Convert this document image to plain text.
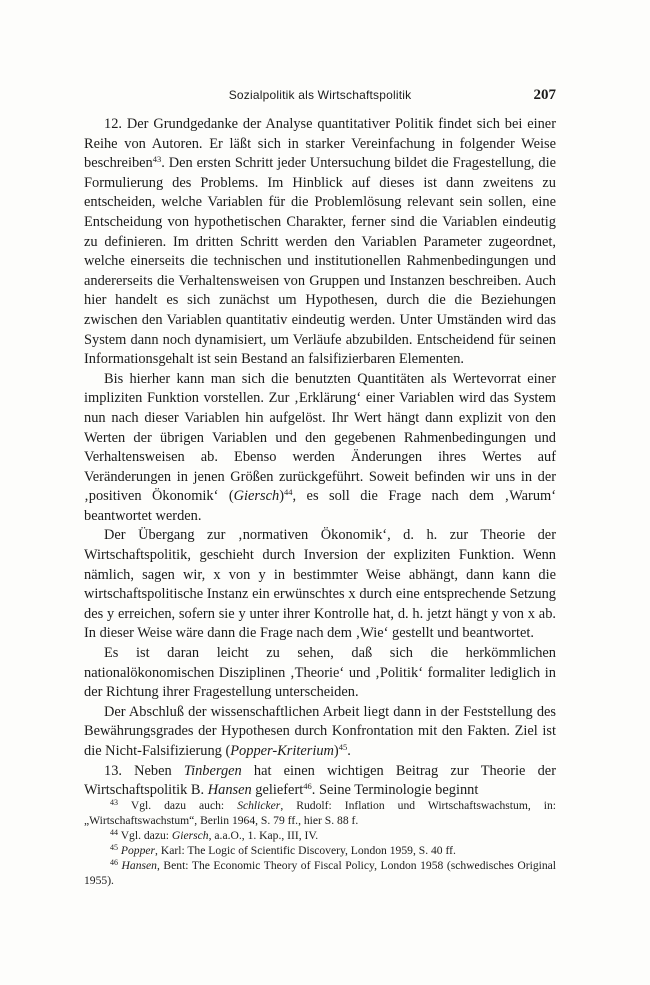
Sozialpolitik als Wirtschaftspolitik	207

12. Der Grundgedanke der Analyse quantitativer Politik findet sich bei einer Reihe von Autoren. Er läßt sich in starker Vereinfachung in folgender Weise beschreiben$^{43}$. Den ersten Schritt jeder Untersuchung bildet die Fragestellung, die Formulierung des Problems. Im Hinblick auf dieses ist dann zweitens zu entscheiden, welche Variablen für die Problemlösung relevant sein sollen, eine Entscheidung von hypothetischen Charakter, ferner sind die Variablen eindeutig zu definieren. Im dritten Schritt werden den Variablen Parameter zugeordnet, welche einerseits die technischen und institutionellen Rahmenbedingungen und andererseits die Verhaltensweisen von Gruppen und Instanzen beschreiben. Auch hier handelt es sich zunächst um Hypothesen, durch die die Beziehungen zwischen den Variablen quantitativ eindeutig werden. Unter Umständen wird das System dann noch dynamisiert, um Verläufe abzubilden. Entscheidend für seinen Informationsgehalt ist sein Bestand an falsifizierbaren Elementen.

Bis hierher kann man sich die benutzten Quantitäten als Wertevorrat einer impliziten Funktion vorstellen. Zur ‚Erklärung‘ einer Variablen wird das System nun nach dieser Variablen hin aufgelöst. Ihr Wert hängt dann explizit von den Werten der übrigen Variablen und den gegebenen Rahmenbedingungen und Verhaltensweisen ab. Ebenso werden Änderungen ihres Wertes auf Veränderungen in jenen Größen zurückgeführt. Soweit befinden wir uns in der ‚positiven Ökonomik‘ (Giersch)$^{44}$, es soll die Frage nach dem ‚Warum‘ beantwortet werden.

Der Übergang zur ‚normativen Ökonomik‘, d. h. zur Theorie der Wirtschaftspolitik, geschieht durch Inversion der expliziten Funktion. Wenn nämlich, sagen wir, x von y in bestimmter Weise abhängt, dann kann die wirtschaftspolitische Instanz ein erwünschtes x durch eine entsprechende Setzung des y erreichen, sofern sie y unter ihrer Kontrolle hat, d. h. jetzt hängt y von x ab. In dieser Weise wäre dann die Frage nach dem ‚Wie‘ gestellt und beantwortet.

Es ist daran leicht zu sehen, daß sich die herkömmlichen nationalökonomischen Disziplinen ‚Theorie‘ und ‚Politik‘ formaliter lediglich in der Richtung ihrer Fragestellung unterscheiden.

Der Abschluß der wissenschaftlichen Arbeit liegt dann in der Feststellung des Bewährungsgrades der Hypothesen durch Konfrontation mit den Fakten. Ziel ist die Nicht-Falsifizierung (Popper-Kriterium)$^{45}$.

13. Neben Tinbergen hat einen wichtigen Beitrag zur Theorie der Wirtschaftspolitik B. Hansen geliefert$^{46}$. Seine Terminologie beginnt

$^{43}$ Vgl. dazu auch: Schlicker, Rudolf: Inflation und Wirtschaftswachstum, in: „Wirtschaftswachstum“, Berlin 1964, S. 79 ff., hier S. 88 f.

$^{44}$ Vgl. dazu: Giersch, a.a.O., 1. Kap., III, IV.

$^{45}$ Popper, Karl: The Logic of Scientific Discovery, London 1959, S. 40 ff.

$^{46}$ Hansen, Bent: The Economic Theory of Fiscal Policy, London 1958 (schwedisches Original 1955).
